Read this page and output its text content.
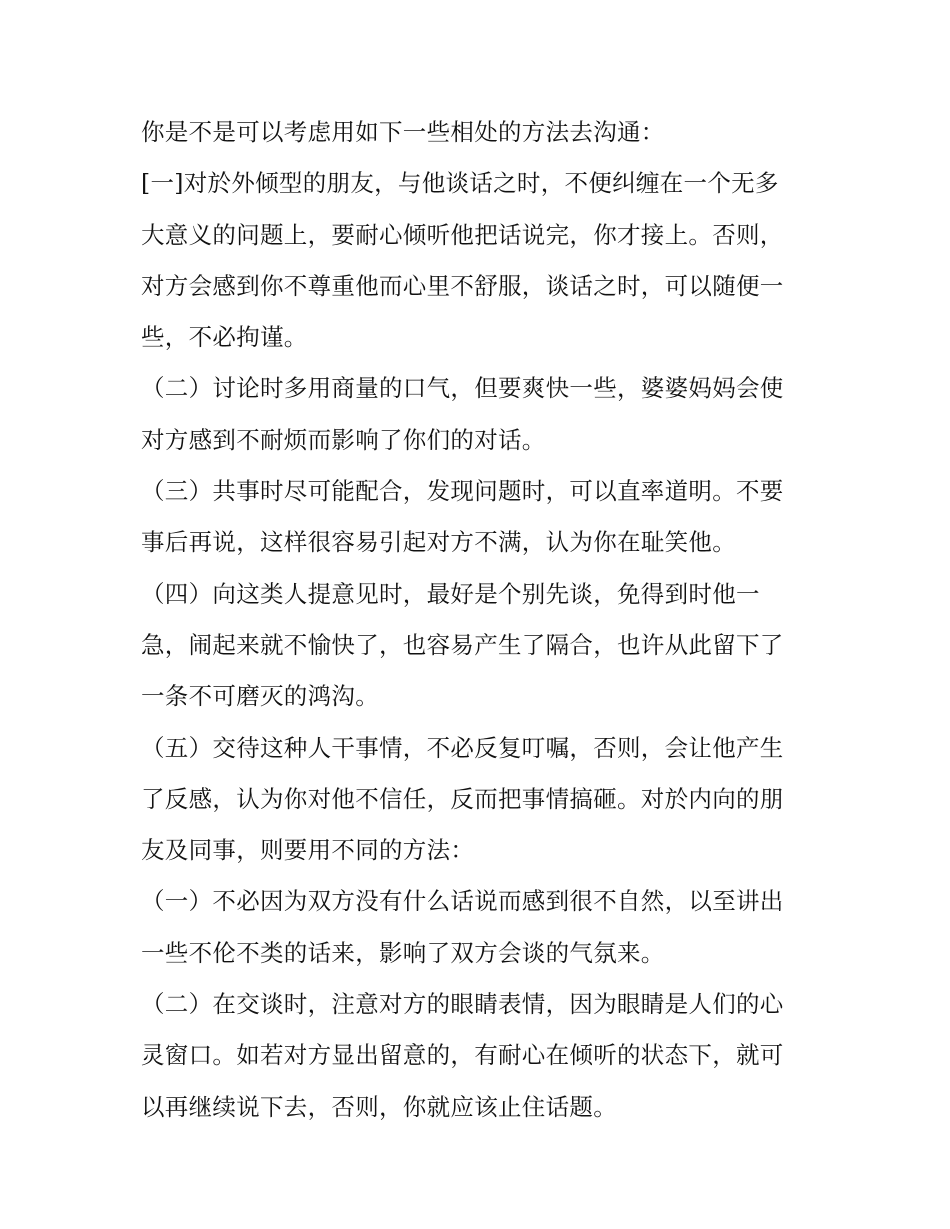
你是不是可以考虑用如下一些相处的方法去沟通：
[一]对於外倾型的朋友，与他谈话之时，不便纠缠在一个无多
大意义的问题上，要耐心倾听他把话说完，你才接上。否则，
对方会感到你不尊重他而心里不舒服，谈话之时，可以随便一
些，不必拘谨。
（二）讨论时多用商量的口气，但要爽快一些，婆婆妈妈会使
对方感到不耐烦而影响了你们的对话。
（三）共事时尽可能配合，发现问题时，可以直率道明。不要
事后再说，这样很容易引起对方不满，认为你在耻笑他。
（四）向这类人提意见时，最好是个别先谈，免得到时他一
急，闹起来就不愉快了，也容易产生了隔合，也许从此留下了
一条不可磨灭的鸿沟。
（五）交待这种人干事情，不必反复叮嘱，否则，会让他产生
了反感，认为你对他不信任，反而把事情搞砸。对於内向的朋
友及同事，则要用不同的方法：
（一）不必因为双方没有什么话说而感到很不自然，以至讲出
一些不伦不类的话来，影响了双方会谈的气氛来。
（二）在交谈时，注意对方的眼睛表情，因为眼睛是人们的心
灵窗口。如若对方显出留意的，有耐心在倾听的状态下，就可
以再继续说下去，否则，你就应该止住话题。
